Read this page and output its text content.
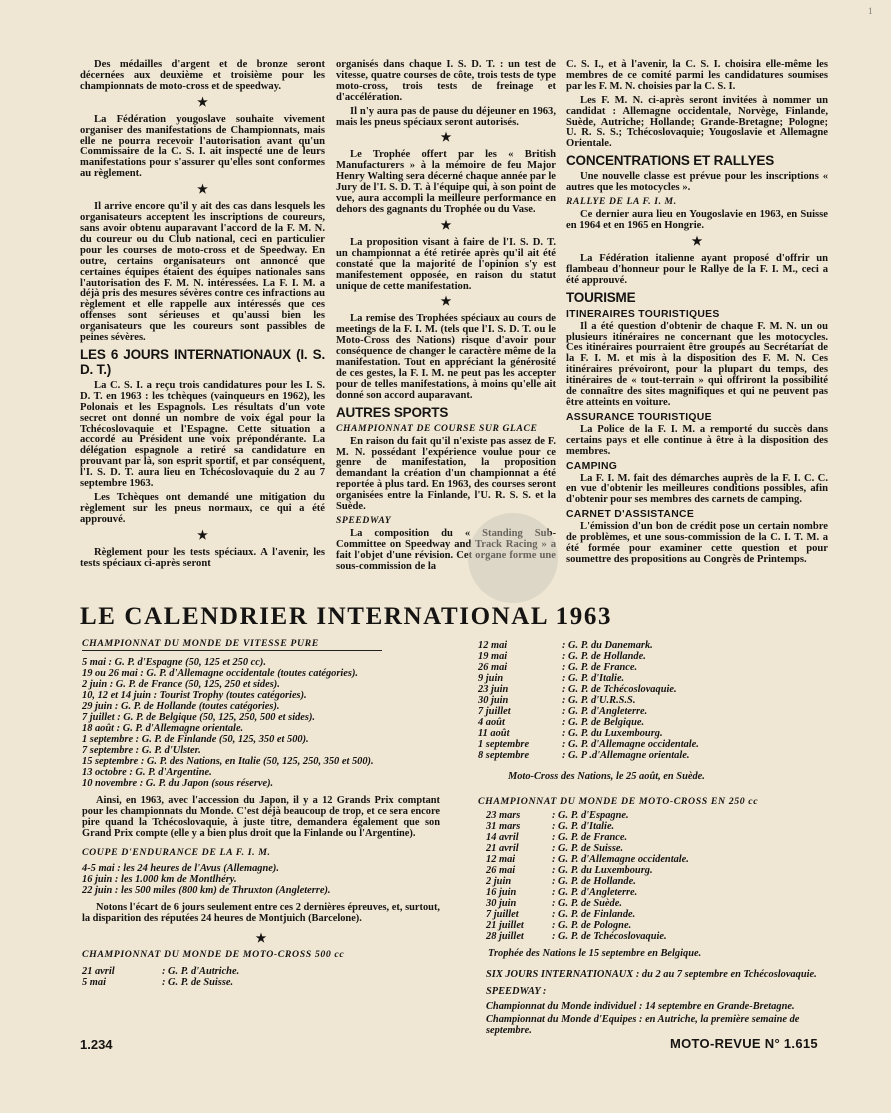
1

Des médailles d'argent et de bronze seront décernées aux deuxième et troisième pour les championnats de moto-cross et de speedway.

★

La Fédération yougoslave souhaite vivement organiser des manifestations de Championnats, mais elle ne pourra recevoir l'autorisation avant qu'un Commissaire de la C. S. I. ait inspecté une de leurs manifestations pour s'assurer qu'elles sont conformes au règlement.

★

Il arrive encore qu'il y ait des cas dans lesquels les organisateurs acceptent les inscriptions de coureurs, sans avoir obtenu auparavant l'accord de la F. M. N. du coureur ou du Club national, ceci en particulier pour les courses de moto-cross et de Speedway. En outre, certains organisateurs ont annoncé que certaines équipes étaient des équipes nationales sans l'autorisation des F. M. N. intéressées. La F. I. M. a déjà pris des mesures sévères contre ces infractions au règlement et elle rappelle aux intéressés que ces offenses sont sérieuses et qu'aussi bien les organisateurs que les coureurs sont passibles de peines sévères.

LES 6 JOURS INTERNATIONAUX (I. S. D. T.)

La C. S. I. a reçu trois candidatures pour les I. S. D. T. en 1963 : les tchèques (vainqueurs en 1962), les Polonais et les Espagnols. Les résultats d'un vote secret ont donné un nombre de voix égal pour la Tchécoslovaquie et l'Espagne. Cette situation a accordé au Président une voix prépondérante. La délégation espagnole a retiré sa candidature en prouvant par là, son esprit sportif, et par conséquent, l'I. S. D. T. aura lieu en Tchécoslovaquie du 2 au 7 septembre 1963.

Les Tchèques ont demandé une mitigation du règlement sur les pneus normaux, ce qui a été approuvé.

★

Règlement pour les tests spéciaux. A l'avenir, les tests spéciaux ci-après seront

organisés dans chaque I. S. D. T. : un test de vitesse, quatre courses de côte, trois tests de type moto-cross, trois tests de freinage et d'accélération.

Il n'y aura pas de pause du déjeuner en 1963, mais les pneus spéciaux seront autorisés.

★

Le Trophée offert par les « British Manufacturers » à la mémoire de feu Major Henry Walting sera décerné chaque année par le Jury de l'I. S. D. T. à l'équipe qui, à son point de vue, aura accompli la meilleure performance en dehors des gagnants du Trophée ou du Vase.

★

La proposition visant à faire de l'I. S. D. T. un championnat a été retirée après qu'il ait été constaté que la majorité de l'opinion s'y est manifestement opposée, en raison du statut unique de cette manifestation.

★

La remise des Trophées spéciaux au cours de meetings de la F. I. M. (tels que l'I. S. D. T. ou le Moto-Cross des Nations) risque d'avoir pour conséquence de changer le caractère même de la manifestation. Tout en appréciant la générosité de ces gestes, la F. I. M. ne peut pas les accepter pour de telles manifestations, à moins qu'elle ait donné son accord auparavant.

AUTRES SPORTS
CHAMPIONNAT DE COURSE SUR GLACE

En raison du fait qu'il n'existe pas assez de F. M. N. possédant l'expérience voulue pour ce genre de manifestation, la proposition demandant la création d'un championnat a été reportée à plus tard. En 1963, des courses seront organisées entre la Finlande, l'U. R. S. S. et la Suède.

SPEEDWAY

La composition du « Standing Sub-Committee on Speedway and Track Racing » a fait l'objet d'une révision. Cet organe forme une sous-commission de la

C. S. I., et à l'avenir, la C. S. I. choisira elle-même les membres de ce comité parmi les candidatures soumises par les F. M. N. choisies par la C. S. I.

Les F. M. N. ci-après seront invitées à nommer un candidat : Allemagne occidentale, Norvège, Finlande, Suède, Autriche; Hollande; Grande-Bretagne; Pologne; U. R. S. S.; Tchécoslovaquie; Yougoslavie et Allemagne Orientale.

CONCENTRATIONS ET RALLYES

Une nouvelle classe est prévue pour les inscriptions « autres que les motocycles ».

RALLYE DE LA F. I. M.

Ce dernier aura lieu en Yougoslavie en 1963, en Suisse en 1964 et en 1965 en Hongrie.

★

La Fédération italienne ayant proposé d'offrir un flambeau d'honneur pour le Rallye de la F. I. M., ceci a été approuvé.

TOURISME
ITINERAIRES TOURISTIQUES

Il a été question d'obtenir de chaque F. M. N. un ou plusieurs itinéraires ne concernant que les motocycles. Ces itinéraires pourraient être groupés au Secrétariat de la F. I. M. et mis à la disposition des F. M. N. Ces itinéraires prévoiront, pour la plupart du temps, des itinéraires de « tout-terrain » qui offriront la possibilité de connaître des sites magnifiques et qui ne peuvent pas être atteints en voiture.

ASSURANCE TOURISTIQUE

La Police de la F. I. M. a remporté du succès dans certains pays et elle continue à être à la disposition des membres.

CAMPING

La F. I. M. fait des démarches auprès de la F. I. C. C. en vue d'obtenir les meilleures conditions possibles, afin d'obtenir pour ses membres des carnets de camping.

CARNET D'ASSISTANCE

L'émission d'un bon de crédit pose un certain nombre de problèmes, et une sous-commission de la C. I. T. M. a été formée pour examiner cette question et pour soumettre des propositions au Congrès de Printemps.

LE CALENDRIER INTERNATIONAL 1963
CHAMPIONNAT DU MONDE DE VITESSE PURE
5 mai : G. P. d'Espagne (50, 125 et 250 cc).
19 ou 26 mai : G. P. d'Allemagne occidentale (toutes catégories).
2 juin : G. P. de France (50, 125, 250 et sides).
10, 12 et 14 juin : Tourist Trophy (toutes catégories).
29 juin : G. P. de Hollande (toutes catégories).
7 juillet : G. P. de Belgique (50, 125, 250, 500 et sides).
18 août : G. P. d'Allemagne orientale.
1 septembre : G. P. de Finlande (50, 125, 350 et 500).
7 septembre : G. P. d'Ulster.
15 septembre : G. P. des Nations, en Italie (50, 125, 250, 350 et 500).
13 octobre : G. P. d'Argentine.
10 novembre : G. P. du Japon (sous réserve).
Ainsi, en 1963, avec l'accession du Japon, il y a 12 Grands Prix comptant pour les championnats du Monde. C'est déjà beaucoup de trop, et ce sera encore pire quand la Tchécoslovaquie, à juste titre, demandera également que son Grand Prix compte (elle y a bien plus droit que la Finlande ou l'Argentine).
COUPE D'ENDURANCE DE LA F. I. M.
4-5 mai : les 24 heures de l'Avus (Allemagne).
16 juin : les 1.000 km de Montlhéry.
22 juin : les 500 miles (800 km) de Thruxton (Angleterre).
Notons l'écart de 6 jours seulement entre ces 2 dernières épreuves, et, surtout, la disparition des réputées 24 heures de Montjuich (Barcelone).
★
CHAMPIONNAT DU MONDE DE MOTO-CROSS 500 cc
21 avril	: G. P. d'Autriche.
5 mai	: G. P. de Suisse.
12 mai	: G. P. du Danemark.
19 mai	: G. P. de Hollande.
26 mai	: G. P. de France.
9 juin	: G. P. d'Italie.
23 juin	: G. P. de Tchécoslovaquie.
30 juin	: G. P. d'U.R.S.S.
7 juillet	: G. P. d'Angleterre.
4 août	: G. P. de Belgique.
11 août	: G. P. du Luxembourg.
1 septembre	: G. P. d'Allemagne occidentale.
8 septembre	: G. P .d'Allemagne orientale.
Moto-Cross des Nations, le 25 août, en Suède.
CHAMPIONNAT DU MONDE DE MOTO-CROSS EN 250 cc
23 mars	: G. P. d'Espagne.
31 mars	: G. P. d'Italie.
14 avril	: G. P. de France.
21 avril	: G. P. de Suisse.
12 mai	: G. P. d'Allemagne occidentale.
26 mai	: G. P. du Luxembourg.
2 juin	: G. P. de Hollande.
16 juin	: G. P. d'Angleterre.
30 juin	: G. P. de Suède.
7 juillet	: G. P. de Finlande.
21 juillet	: G. P. de Pologne.
28 juillet	: G. P. de Tchécoslovaquie.
Trophée des Nations le 15 septembre en Belgique.
SIX JOURS INTERNATIONAUX : du 2 au 7 septembre en Tchécoslovaquie.
SPEEDWAY :
Championnat du Monde individuel : 14 septembre en Grande-Bretagne.
Championnat du Monde d'Equipes : en Autriche, la première semaine de septembre.
1.234	MOTO-REVUE N° 1.615
